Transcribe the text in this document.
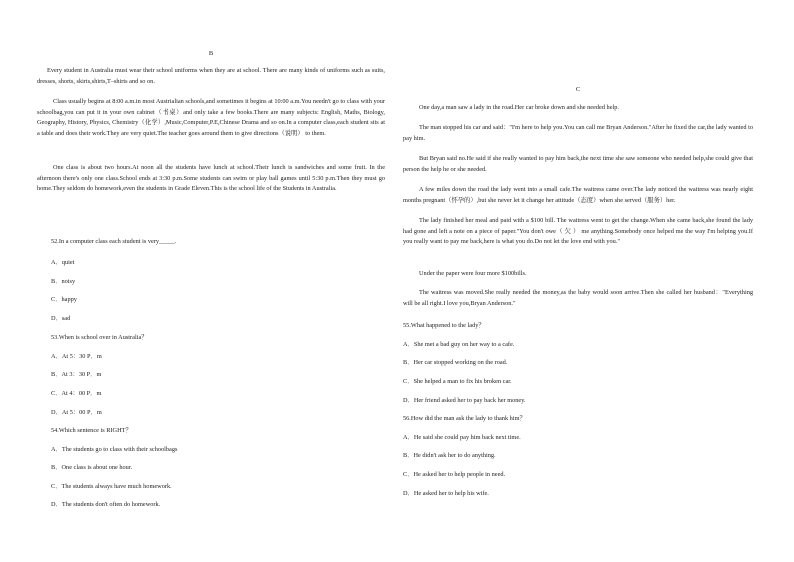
B

Every student in Australia must wear their school uniforms when they are at school. There are many kinds of uniforms such as suits, dresses, shorts, skirts,shirts,T–shirts and so on.

Class usually begins at 8:00 a.m.in most Austrialian schools,and sometimes it begins at 10:00 a.m.You needn't go to class with your schoolbag,you can put it in your own cabinet（书桌）and only take a few books.There are many subjects: English, Maths, Biology, Geography, History, Physics, Chemistry（化学）,Music,Computer,P.E,Chinese Drama and so on.In a computer class,each student sits at a table and does their work.They are very quiet.The teacher goes around them to give directions（说明） to them.

One class is about two hours.At noon all the students have lunch at school.Their lunch is sandwiches and some fruit. In the afternoon there's only one class.School ends at 3:30 p.m.Some students can swim or play ball games until 5:30 p.m.Then they must go home.They seldom do homework,even the students in Grade Eleven.This is the school life of the Students in Australia.

52.In a computer class each student is very_____.

A．quiet

B．noisy

C．happy

D．sad

53.When is school over in Australia？

A．At 5：30 P．m

B．At 3：30 P．m

C．At 4：00 P．m

D．At 5：00 P．m

54.Which sentence is RIGHT？

A．The students go to class with their schoolbags

B．One class is about one hour.

C．The students always have much homework.

D．The students don't often do homework.

C

One day,a man saw a lady in the road.Her car broke down and she needed help.

The man stopped his car and said："I'm here to help you.You can call me Bryan Anderson."After he fixed the car,the lady wanted to pay him.

But Bryan said no.He said if she really wanted to pay him back,the next time she saw someone who needed help,she could give that person the help he or she needed.

A few miles down the road the lady went into a small cafe.The waitress came over.The lady noticed the waitress was nearly eight months pregnant（怀孕的）,but she never let it change her attitude（态度）when she served（服务）her.

The lady finished her meal and paid with a $100 bill. The waitress went to get the change.When she came back,she found the lady had gone and left a note on a piece of paper."You don't owe（ 欠 ） me anything.Somebody once helped me the way I'm helping you.If you really want to pay me back,here is what you do.Do not let the love end with you."

Under the paper were four more $100bills.

The waitress was moved.She really needed the money,as the baby would soon arrive.Then she called her husband："Everything will be all right.I love you,Bryan Anderson."

55.What happened to the lady？

A．She met a bad guy on her way to a cafe.

B．Her car stopped working on the road.

C．She helped a man to fix his broken car.

D．Her friend asked her to pay back her money.

56.How did the man ask the lady to thank him？

A．He said she could pay him back next time.

B．He didn't ask her to do anything.

C．He asked her to help people in need.

D．He asked her to help his wife.
